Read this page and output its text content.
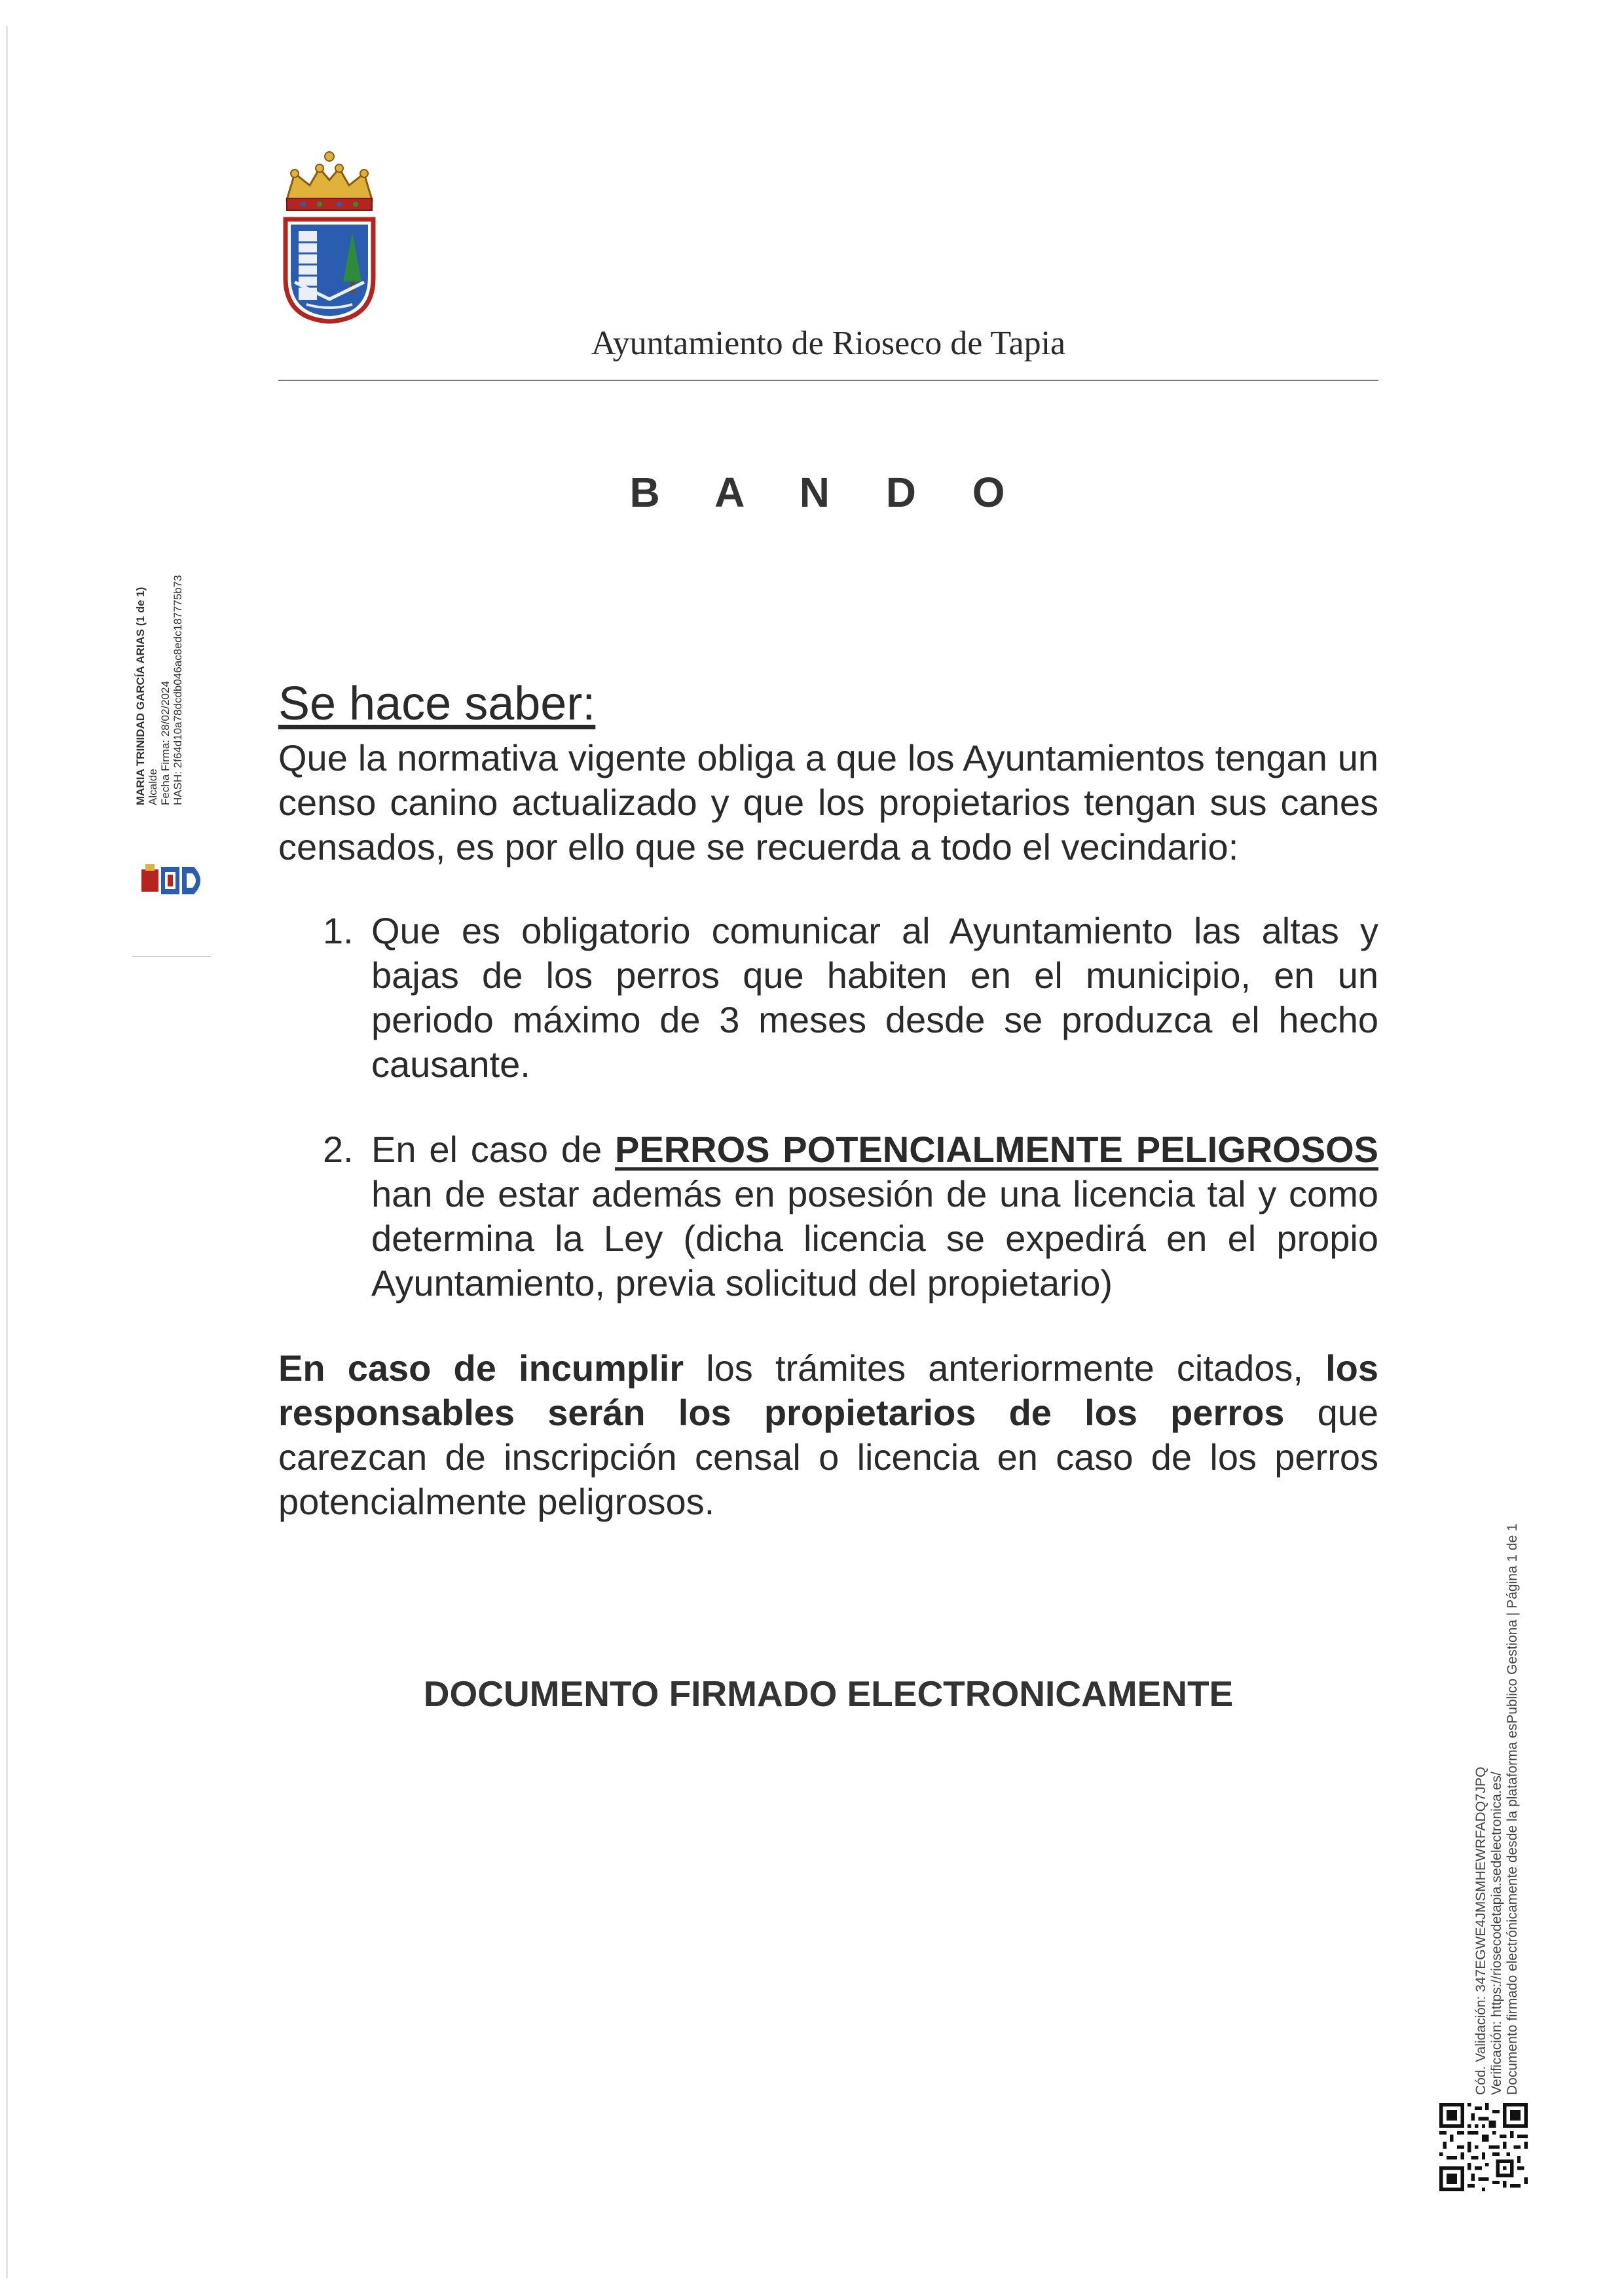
Ayuntamiento de Rioseco de Tapia
B A N D O

Se hace saber:

Que la normativa vigente obliga a que los Ayuntamientos tengan un censo canino actualizado y que los propietarios tengan sus canes censados, es por ello que se recuerda a todo el vecindario:

1. Que es obligatorio comunicar al Ayuntamiento las altas y bajas de los perros que habiten en el municipio, en un periodo máximo de 3 meses desde se produzca el hecho causante.
2. En el caso de PERROS POTENCIALMENTE PELIGROSOS han de estar además en posesión de una licencia tal y como determina la Ley (dicha licencia se expedirá en el propio Ayuntamiento, previa solicitud del propietario)

En caso de incumplir los trámites anteriormente citados, los responsables serán los propietarios de los perros que carezcan de inscripción censal o licencia en caso de los perros potencialmente peligrosos.

DOCUMENTO FIRMADO ELECTRONICAMENTE
MARIA TRINIDAD GARCÍA ARIAS (1 de 1) Alcalde Fecha Firma: 28/02/2024 HASH: 2f64d10a78dcdb046ac8edc187775b73
Cód. Validación: 347EGWE4JMSMHEWRFADQ7JPQ Verificación: https://riosecodetapia.sedelectronica.es/ Documento firmado electrónicamente desde la plataforma esPublico Gestiona | Página 1 de 1
